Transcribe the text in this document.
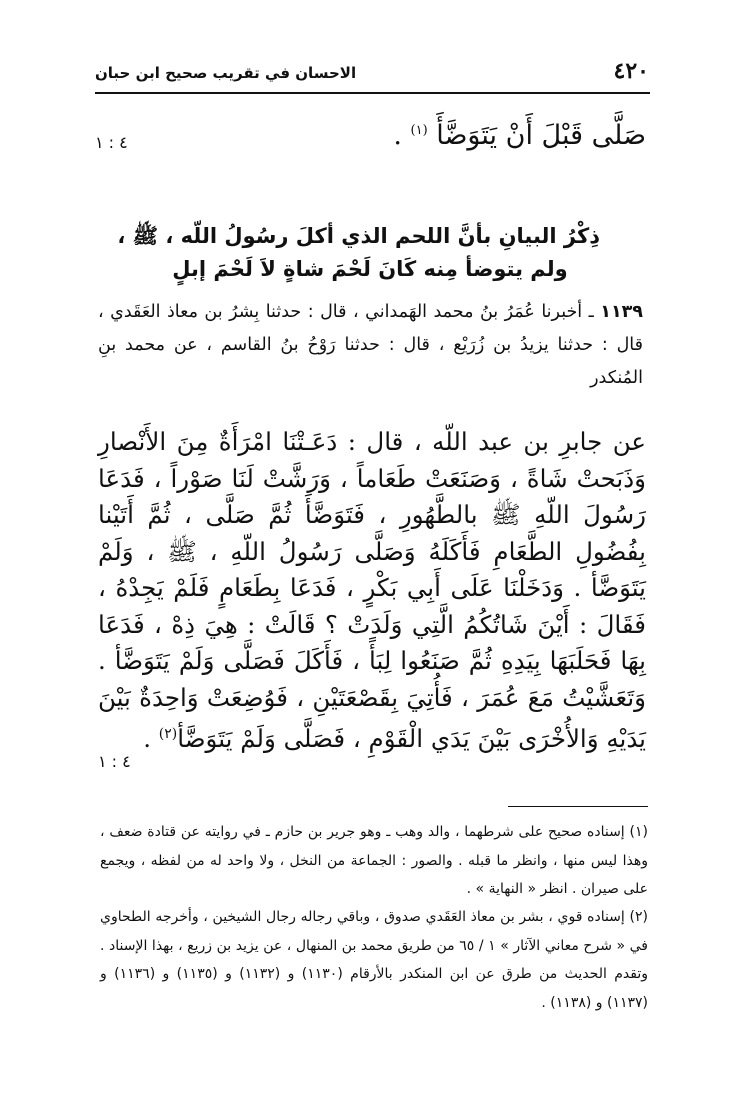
٤٢٠
الاحسان في تقريب صحيح ابن حبان
صَلَّى قَبْلَ أَنْ يَتَوَضَّأَ $^{(١)}$ .
٤ : ١
ذِكْرُ البيانِ بأنَّ اللحم الذي أكلَ رسُولُ اللّه ، ﷺ ،
ولم يتوضأ مِنه كَانَ لَحْمَ شاةٍ لاَ لَحْمَ إبلٍ
١١٣٩ ـ أخبرنا عُمَرُ بنُ محمد الهَمداني ، قال : حدثنا بِشرُ بن معاذ العَقَدي ، قال : حدثنا يزيدُ بن زُرَيْع ، قال : حدثنا رَوْحُ بنُ القاسم ، عن محمد بنِ المُنكدر
عن جابرِ بن عبد اللّه ، قال : دَعَـتْنَا امْرَأَةٌ مِنَ الأَنْصارِ وَذَبَحتْ شَاةً ، وَصَنَعَتْ طَعَاماً ، وَرَشَّتْ لَنَا صَوْراً ، فَدَعَا رَسُولَ اللّهِ ﷺ بالطَّهُورِ ، فَتَوَضَّأَ ثُمَّ صَلَّى ، ثُمَّ أَتَيْنا بِفُضُولِ الطَّعَامِ فَأَكَلَهُ وَصَلَّى رَسُولُ اللّهِ ، ﷺ ، وَلَمْ يَتَوَضَّأ . وَدَخَلْنَا عَلَى أَبِي بَكْرٍ ، فَدَعَا بِطَعَامٍ فَلَمْ يَجِدْهُ ، فَقَالَ : أَيْنَ شَاتُكُمُ الَّتِي وَلَدَتْ ؟ قَالَتْ : هِيَ ذِهْ ، فَدَعَا بِهَا فَحَلَبَهَا بِيَدِهِ ثُمَّ صَنَعُوا لِبَأً ، فَأَكَلَ فَصَلَّى وَلَمْ يَتَوَضَّأ . وَتَعَشَّيْتُ مَعَ عُمَرَ ، فَأُتِيَ بِقَصْعَتَيْنِ ، فَوُضِعَتْ وَاحِدَةٌ بَيْنَ يَدَيْهِ وَالأُخْرَى بَيْنَ يَدَي الْقَوْمِ ، فَصَلَّى وَلَمْ يَتَوَضَّأ$^{(٢)}$ .
٤ : ١
(١) إسناده صحيح على شرطهما ، والد وهب ـ وهو جرير بن حازم ـ في روايته عن قتادة ضعف ، وهذا ليس منها ، وانظر ما قبله . والصور : الجماعة من النخل ، ولا واحد له من لفظه ، ويجمع على صيران . انظر « النهاية » .
(٢) إسناده قوي ، بشر بن معاذ العَقَدي صدوق ، وباقي رجاله رجال الشيخين ، وأخرجه الطحاوي في « شرح معاني الآثار » ١ / ٦٥ من طريق محمد بن المنهال ، عن يزيد بن زريع ، بهذا الإسناد . وتقدم الحديث من طرق عن ابن المنكدر بالأرقام (١١٣٠) و (١١٣٢) و (١١٣٥) و (١١٣٦) و (١١٣٧) و (١١٣٨) .
